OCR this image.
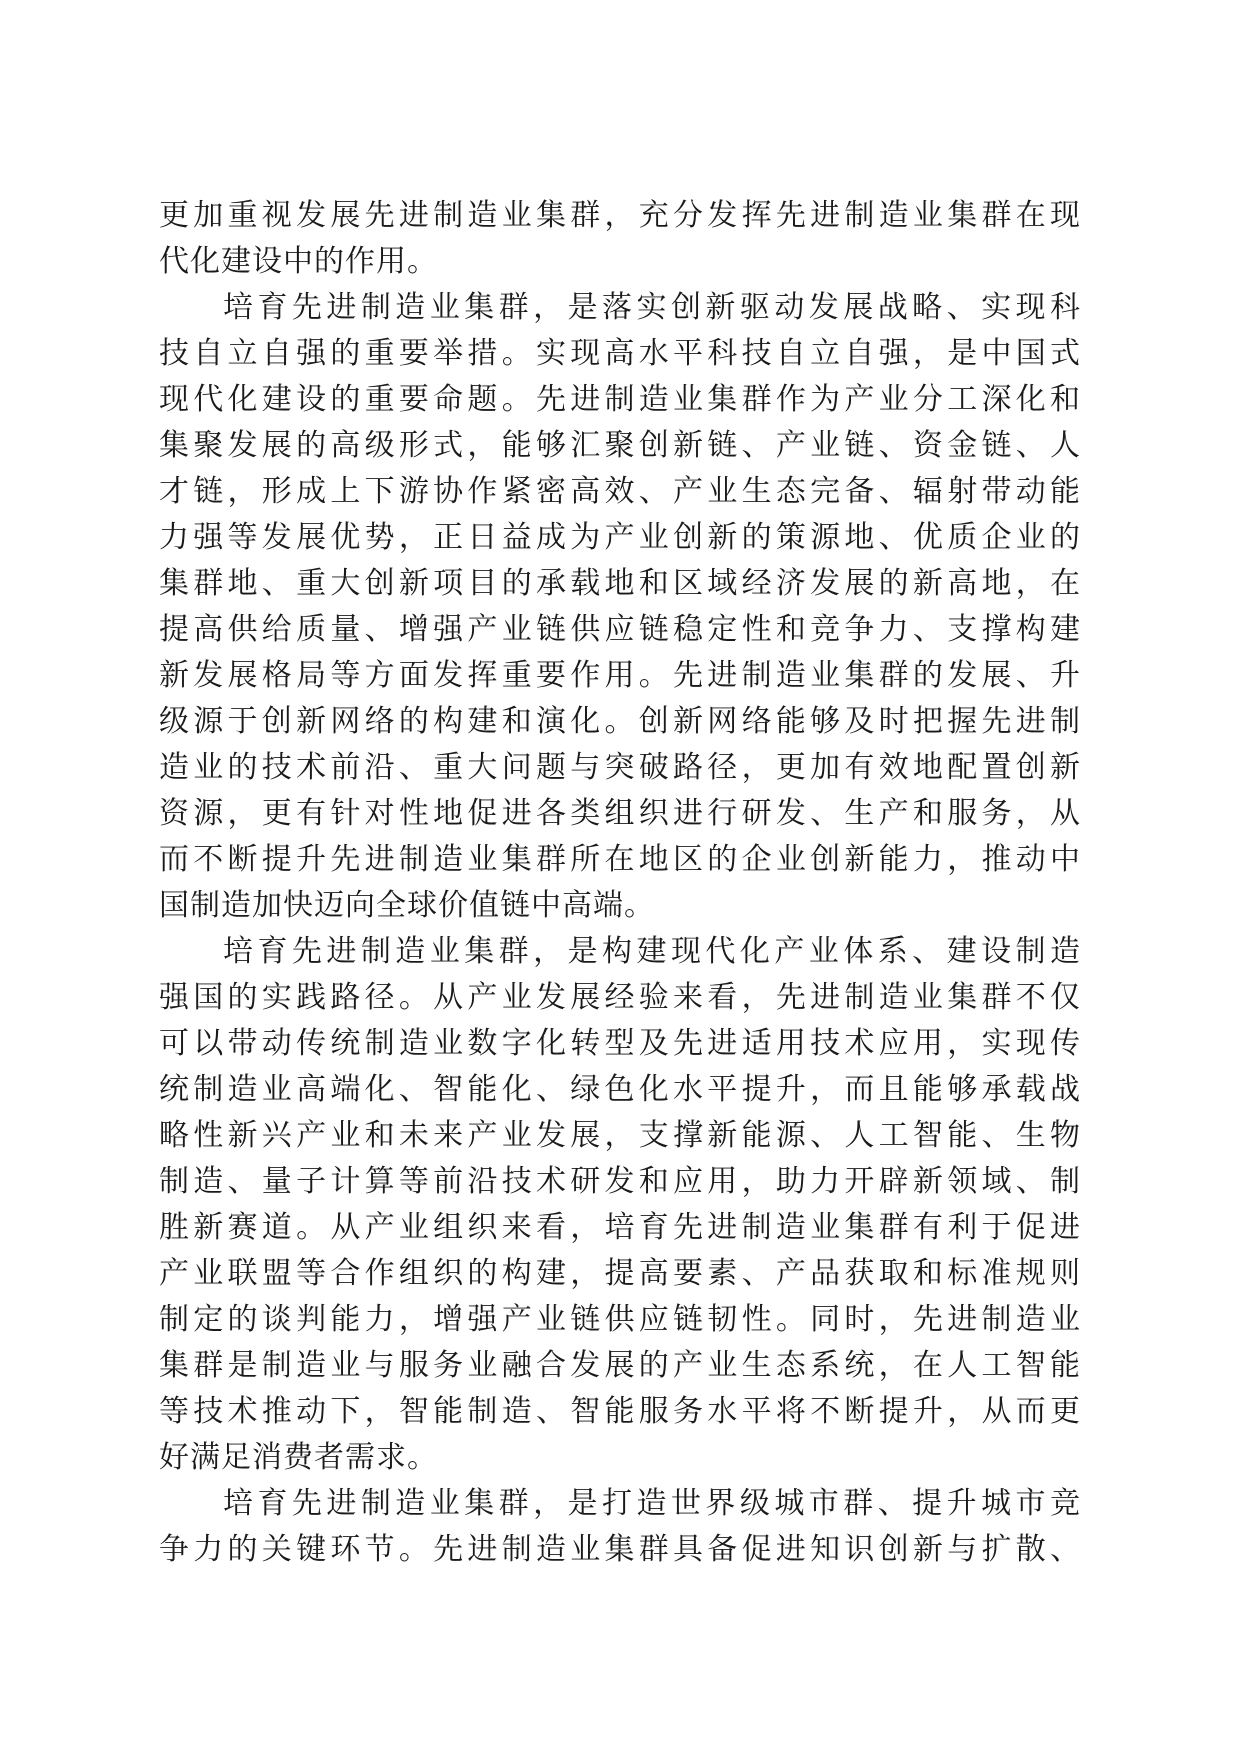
更加重视发展先进制造业集群，充分发挥先进制造业集群在现
代化建设中的作用。
培育先进制造业集群，是落实创新驱动发展战略、实现科
技自立自强的重要举措。实现高水平科技自立自强，是中国式
现代化建设的重要命题。先进制造业集群作为产业分工深化和
集聚发展的高级形式，能够汇聚创新链、产业链、资金链、人
才链，形成上下游协作紧密高效、产业生态完备、辐射带动能
力强等发展优势，正日益成为产业创新的策源地、优质企业的
集群地、重大创新项目的承载地和区域经济发展的新高地，在
提高供给质量、增强产业链供应链稳定性和竞争力、支撑构建
新发展格局等方面发挥重要作用。先进制造业集群的发展、升
级源于创新网络的构建和演化。创新网络能够及时把握先进制
造业的技术前沿、重大问题与突破路径，更加有效地配置创新
资源，更有针对性地促进各类组织进行研发、生产和服务，从
而不断提升先进制造业集群所在地区的企业创新能力，推动中
国制造加快迈向全球价值链中高端。
培育先进制造业集群，是构建现代化产业体系、建设制造
强国的实践路径。从产业发展经验来看，先进制造业集群不仅
可以带动传统制造业数字化转型及先进适用技术应用，实现传
统制造业高端化、智能化、绿色化水平提升，而且能够承载战
略性新兴产业和未来产业发展，支撑新能源、人工智能、生物
制造、量子计算等前沿技术研发和应用，助力开辟新领域、制
胜新赛道。从产业组织来看，培育先进制造业集群有利于促进
产业联盟等合作组织的构建，提高要素、产品获取和标准规则
制定的谈判能力，增强产业链供应链韧性。同时，先进制造业
集群是制造业与服务业融合发展的产业生态系统，在人工智能
等技术推动下，智能制造、智能服务水平将不断提升，从而更
好满足消费者需求。
培育先进制造业集群，是打造世界级城市群、提升城市竞
争力的关键环节。先进制造业集群具备促进知识创新与扩散、
